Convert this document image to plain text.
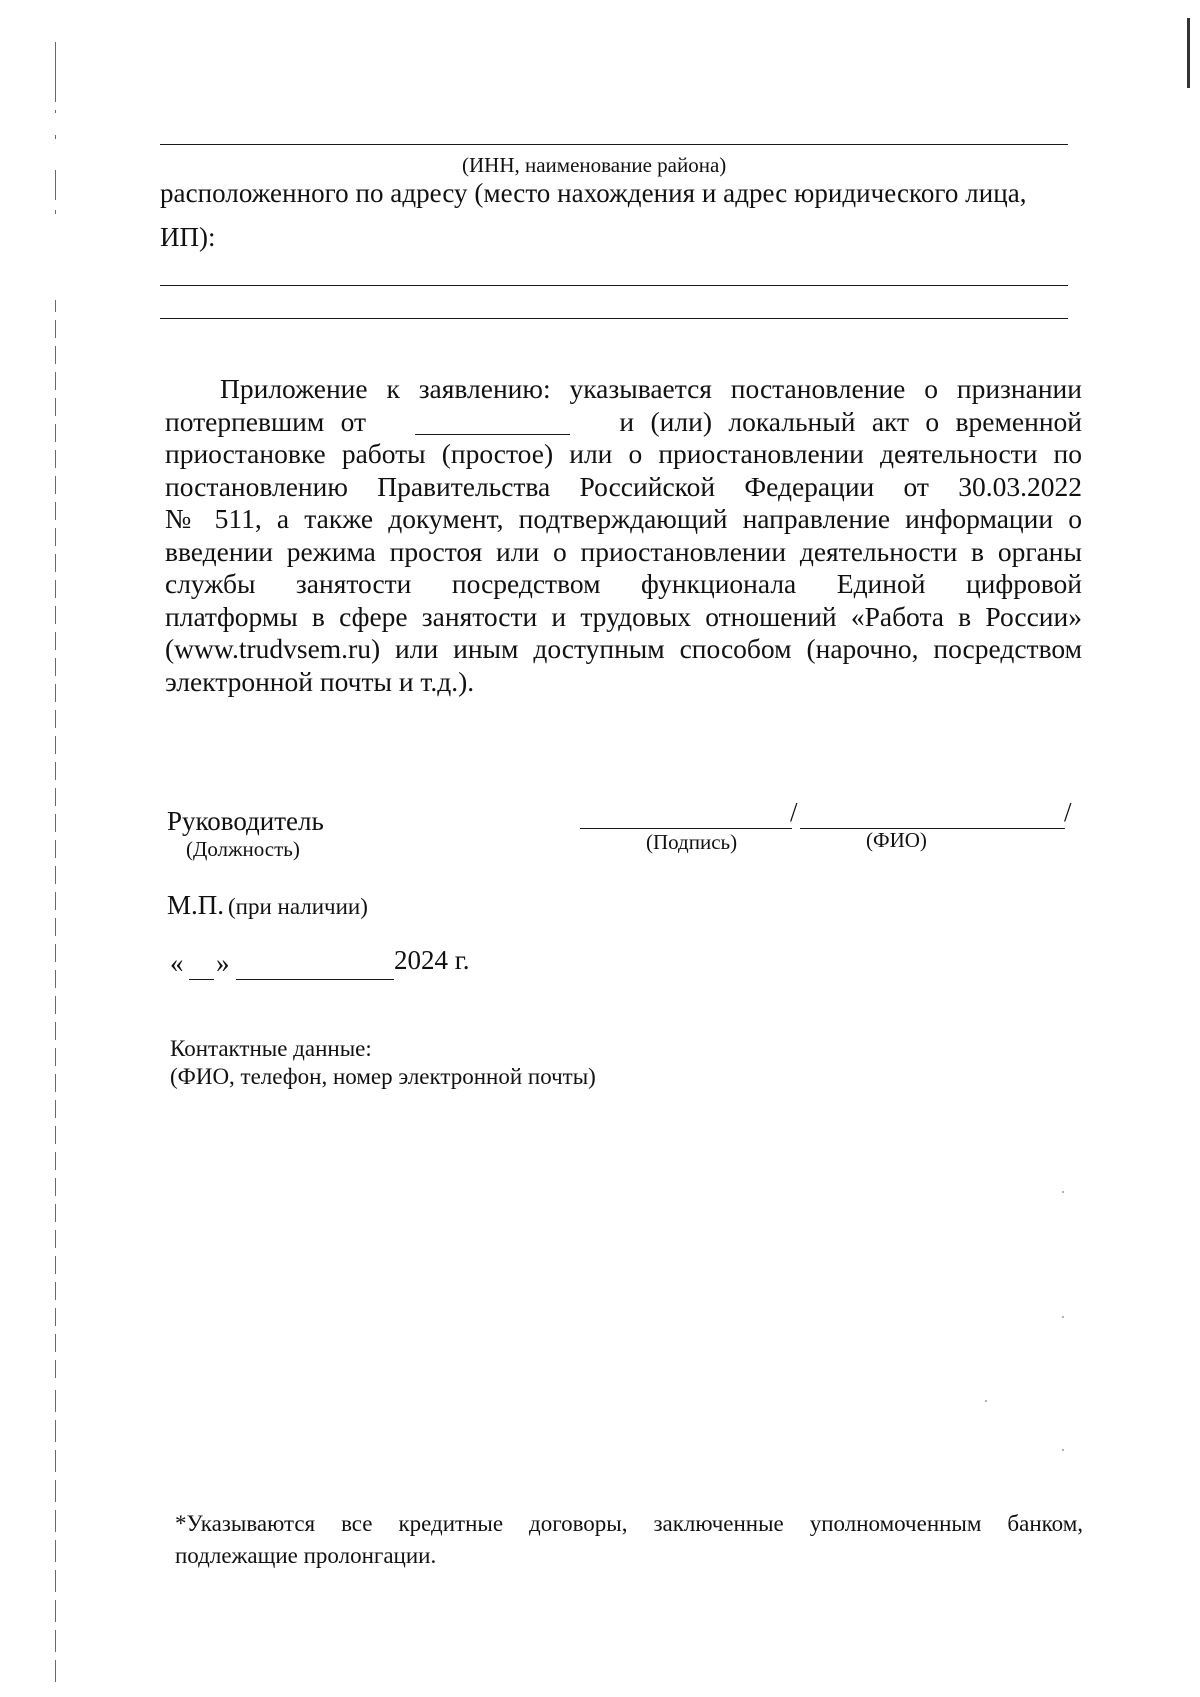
(ИНН, наименование района)
расположенного по адресу (место нахождения и адрес юридического лица,
ИП):
Приложение к заявлению: указывается постановление о признании
потерпевшим от	и (или) локальный акт о временной
приостановке работы (простое) или о приостановлении деятельности по
постановлению Правительства Российской Федерации от 30.03.2022
№ 511, а также документ, подтверждающий направление информации о
введении режима простоя или о приостановлении деятельности в органы
службы занятости посредством функционала Единой цифровой
платформы в сфере занятости и трудовых отношений «Работа в России»
(www.trudvsem.ru) или иным доступным способом (нарочно, посредством
электронной почты и т.д.).
Руководитель
(Должность)
/	/
(Подпись)	(ФИО)
М.П. (при наличии)
« »	2024 г.
Контактные данные:
(ФИО, телефон, номер электронной почты)
*Указываются все кредитные договоры, заключенные уполномоченным банком,
подлежащие пролонгации.
